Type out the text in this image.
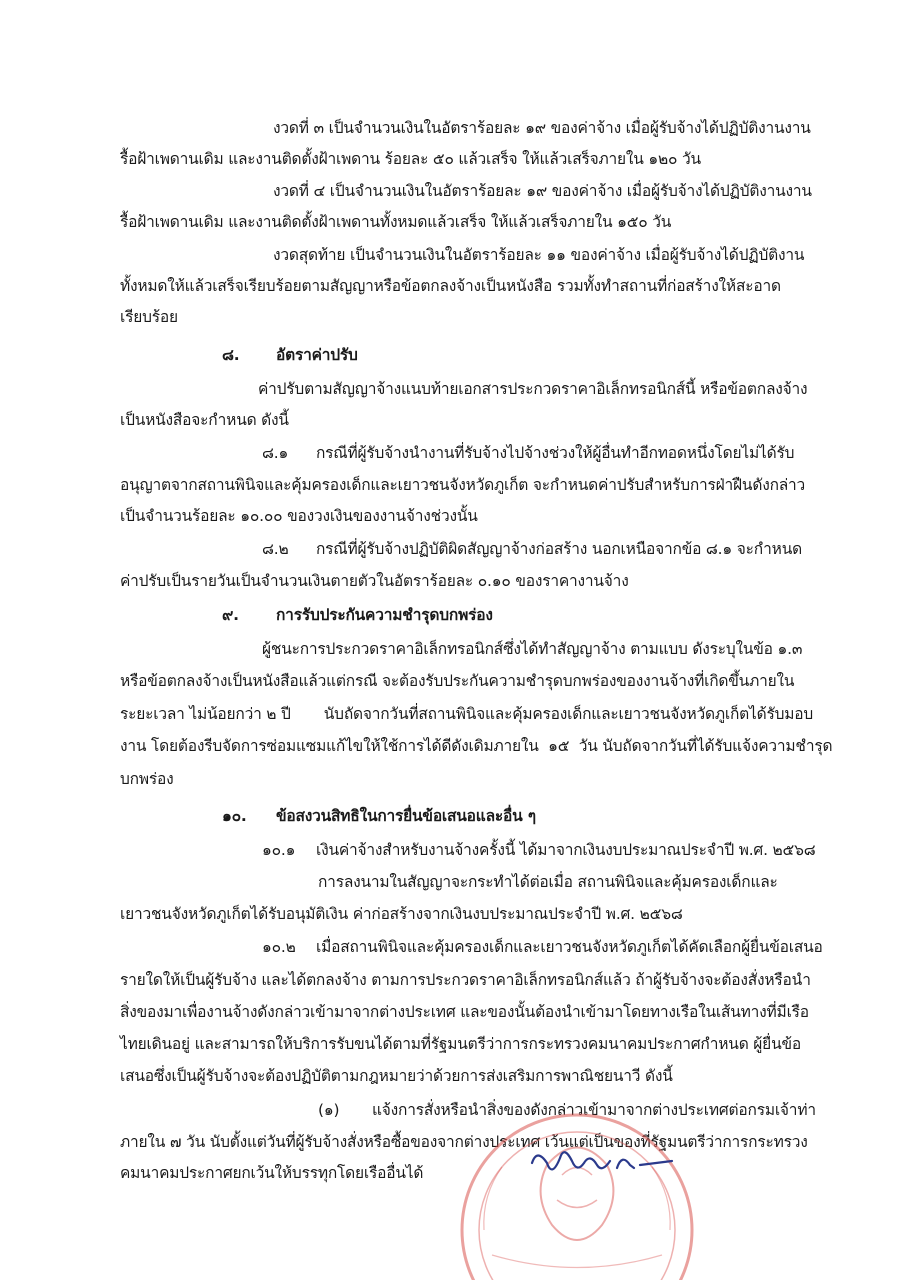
งวดที่ ๓ เป็นจำนวนเงินในอัตราร้อยละ ๑๙ ของค่าจ้าง เมื่อผู้รับจ้างได้ปฏิบัติงานงาน
รื้อฝ้าเพดานเดิม และงานติดตั้งฝ้าเพดาน ร้อยละ ๕๐ แล้วเสร็จ ให้แล้วเสร็จภายใน ๑๒๐ วัน
งวดที่ ๔ เป็นจำนวนเงินในอัตราร้อยละ ๑๙ ของค่าจ้าง เมื่อผู้รับจ้างได้ปฏิบัติงานงาน
รื้อฝ้าเพดานเดิม และงานติดตั้งฝ้าเพดานทั้งหมดแล้วเสร็จ ให้แล้วเสร็จภายใน ๑๕๐ วัน
งวดสุดท้าย เป็นจำนวนเงินในอัตราร้อยละ ๑๑ ของค่าจ้าง เมื่อผู้รับจ้างได้ปฏิบัติงาน
ทั้งหมดให้แล้วเสร็จเรียบร้อยตามสัญญาหรือข้อตกลงจ้างเป็นหนังสือ รวมทั้งทำสถานที่ก่อสร้างให้สะอาด
เรียบร้อย
๘. อัตราค่าปรับ
ค่าปรับตามสัญญาจ้างแนบท้ายเอกสารประกวดราคาอิเล็กทรอนิกส์นี้ หรือข้อตกลงจ้าง
เป็นหนังสือจะกำหนด ดังนี้
๘.๑ กรณีที่ผู้รับจ้างนำงานที่รับจ้างไปจ้างช่วงให้ผู้อื่นทำอีกทอดหนึ่งโดยไม่ได้รับ
อนุญาตจากสถานพินิจและคุ้มครองเด็กและเยาวชนจังหวัดภูเก็ต จะกำหนดค่าปรับสำหรับการฝ่าฝืนดังกล่าว
เป็นจำนวนร้อยละ ๑๐.๐๐ ของวงเงินของงานจ้างช่วงนั้น
๘.๒ กรณีที่ผู้รับจ้างปฏิบัติผิดสัญญาจ้างก่อสร้าง นอกเหนือจากข้อ ๘.๑ จะกำหนด
ค่าปรับเป็นรายวันเป็นจำนวนเงินตายตัวในอัตราร้อยละ ๐.๑๐ ของราคางานจ้าง
๙. การรับประกันความชำรุดบกพร่อง
ผู้ชนะการประกวดราคาอิเล็กทรอนิกส์ซึ่งได้ทำสัญญาจ้าง ตามแบบ ดังระบุในข้อ ๑.๓
หรือข้อตกลงจ้างเป็นหนังสือแล้วแต่กรณี จะต้องรับประกันความชำรุดบกพร่องของงานจ้างที่เกิดขึ้นภายใน
ระยะเวลา ไม่น้อยกว่า ๒ ปี       นับถัดจากวันที่สถานพินิจและคุ้มครองเด็กและเยาวชนจังหวัดภูเก็ตได้รับมอบ
งาน โดยต้องรีบจัดการซ่อมแซมแก้ไขให้ใช้การได้ดีดังเดิมภายใน  ๑๕  วัน นับถัดจากวันที่ได้รับแจ้งความชำรุด
บกพร่อง
๑๐. ข้อสงวนสิทธิในการยื่นข้อเสนอและอื่น ๆ
๑๐.๑ เงินค่าจ้างสำหรับงานจ้างครั้งนี้ ได้มาจากเงินงบประมาณประจำปี พ.ศ. ๒๕๖๘
การลงนามในสัญญาจะกระทำได้ต่อเมื่อ สถานพินิจและคุ้มครองเด็กและ
เยาวชนจังหวัดภูเก็ตได้รับอนุมัติเงิน ค่าก่อสร้างจากเงินงบประมาณประจำปี พ.ศ. ๒๕๖๘
๑๐.๒ เมื่อสถานพินิจและคุ้มครองเด็กและเยาวชนจังหวัดภูเก็ตได้คัดเลือกผู้ยื่นข้อเสนอ
รายใดให้เป็นผู้รับจ้าง และได้ตกลงจ้าง ตามการประกวดราคาอิเล็กทรอนิกส์แล้ว ถ้าผู้รับจ้างจะต้องสั่งหรือนำ
สิ่งของมาเพื่องานจ้างดังกล่าวเข้ามาจากต่างประเทศ และของนั้นต้องนำเข้ามาโดยทางเรือในเส้นทางที่มีเรือ
ไทยเดินอยู่ และสามารถให้บริการรับขนได้ตามที่รัฐมนตรีว่าการกระทรวงคมนาคมประกาศกำหนด ผู้ยื่นข้อ
เสนอซึ่งเป็นผู้รับจ้างจะต้องปฏิบัติตามกฎหมายว่าด้วยการส่งเสริมการพาณิชยนาวี ดังนี้
(๑) แจ้งการสั่งหรือนำสิ่งของดังกล่าวเข้ามาจากต่างประเทศต่อกรมเจ้าท่า
ภายใน ๗ วัน นับตั้งแต่วันที่ผู้รับจ้างสั่งหรือซื้อของจากต่างประเทศ เว้นแต่เป็นของที่รัฐมนตรีว่าการกระทรวง
คมนาคมประกาศยกเว้นให้บรรทุกโดยเรืออื่นได้
